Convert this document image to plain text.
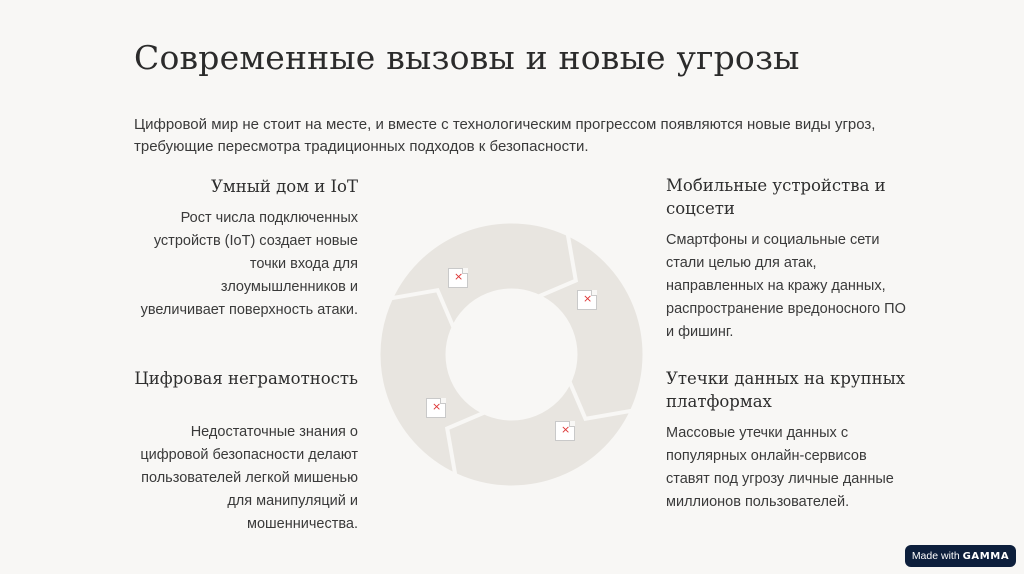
Современные вызовы и новые угрозы
Цифровой мир не стоит на месте, и вместе с технологическим прогрессом появляются новые виды угроз, требующие пересмотра традиционных подходов к безопасности.
Умный дом и IoT
Рост числа подключенных устройств (IoT) создает новые точки входа для злоумышленников и увеличивает поверхность атаки.
Цифровая неграмотность
Недостаточные знания о цифровой безопасности делают пользователей легкой мишенью для манипуляций и мошенничества.
Мобильные устройства и соцсети
Смартфоны и социальные сети стали целью для атак, направленных на кражу данных, распространение вредоносного ПО и фишинг.
Утечки данных на крупных платформах
Массовые утечки данных с популярных онлайн-сервисов ставят под угрозу личные данные миллионов пользователей.
×
×
×
×
Made with GAMMA
